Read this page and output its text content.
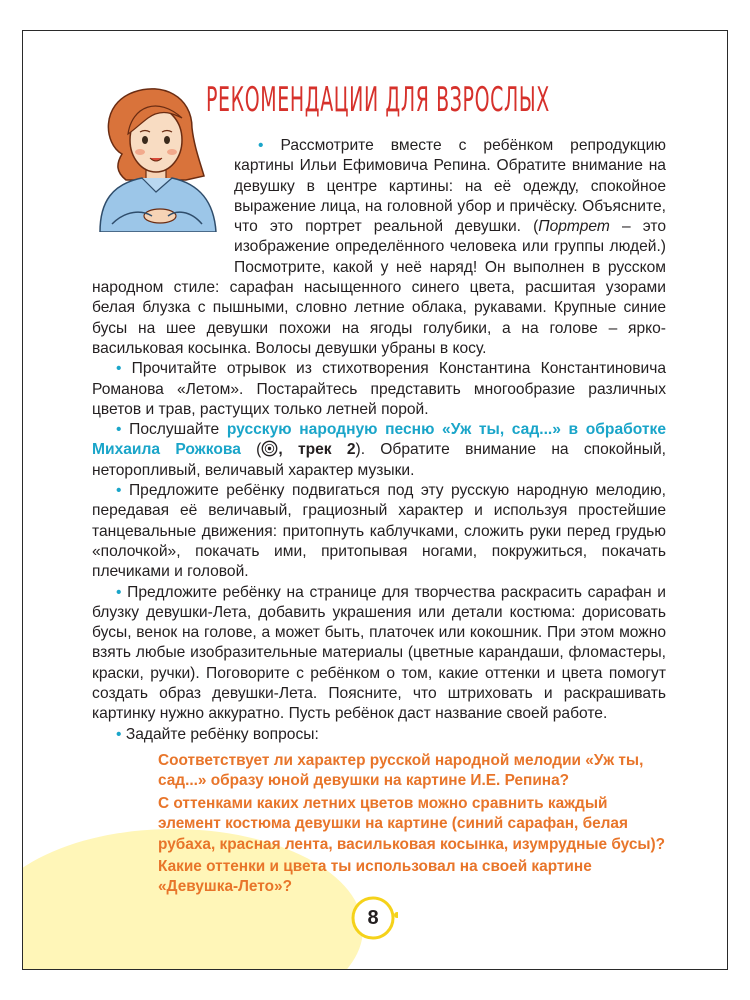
РЕКОМЕНДАЦИИ ДЛЯ ВЗРОСЛЫХ

• Рассмотрите вместе с ребёнком репродукцию картины Ильи Ефимовича Репина. Обратите внимание на девушку в центре картины: на её одежду, спокойное выражение лица, на головной убор и причёску. Объясните, что это портрет реальной девушки. (Портрет – это изображение определённого человека или группы людей.) Посмотрите, какой у неё наряд! Он выполнен в русском народном стиле: сарафан насыщенного синего цвета, расшитая узорами белая блузка с пышными, словно летние облака, рукавами. Крупные синие бусы на шее девушки похожи на ягоды голубики, а на голове – ярко-васильковая косынка. Волосы девушки убраны в косу.

• Прочитайте отрывок из стихотворения Константина Константиновича Романова «Летом». Постарайтесь представить многообразие различных цветов и трав, растущих только летней порой.

• Послушайте русскую народную песню «Уж ты, сад...» в обработке Михаила Рожкова ( , трек 2). Обратите внимание на спокойный, неторопливый, величавый характер музыки.

• Предложите ребёнку подвигаться под эту русскую народную мелодию, передавая её величавый, грациозный характер и используя простейшие танцевальные движения: притопнуть каблучками, сложить руки перед грудью «полочкой», покачать ими, притопывая ногами, покружиться, покачать плечиками и головой.

• Предложите ребёнку на странице для творчества раскрасить сарафан и блузку девушки-Лета, добавить украшения или детали костюма: дорисовать бусы, венок на голове, а может быть, платочек или кокошник. При этом можно взять любые изобразительные материалы (цветные карандаши, фломастеры, краски, ручки). Поговорите с ребёнком о том, какие оттенки и цвета помогут создать образ девушки-Лета. Поясните, что штриховать и раскрашивать картинку нужно аккуратно. Пусть ребёнок даст название своей работе.

• Задайте ребёнку вопросы:

Соответствует ли характер русской народной мелодии «Уж ты, сад...» образу юной девушки на картине И.Е. Репина?
С оттенками каких летних цветов можно сравнить каждый элемент костюма девушки на картине (синий сарафан, белая рубаха, красная лента, васильковая косынка, изумрудные бусы)?
Какие оттенки и цвета ты использовал на своей картине «Девушка-Лето»?
8
